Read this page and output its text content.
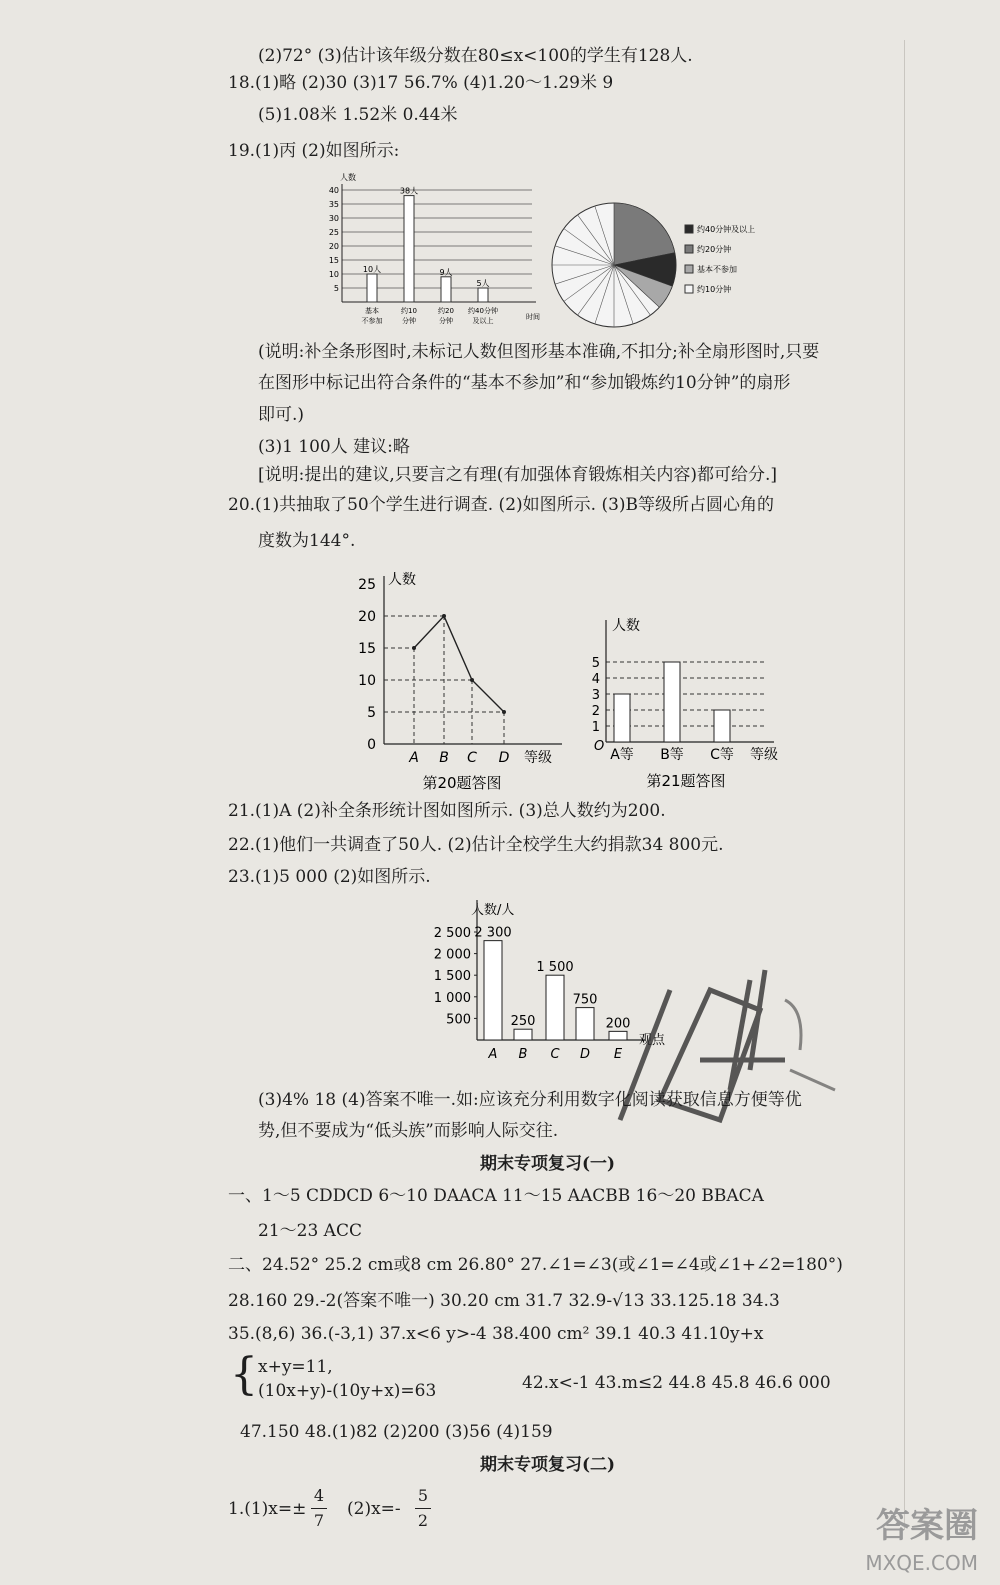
(2)72° (3)估计该年级分数在80≤x<100的学生有128人.
18.(1)略 (2)30 (3)17 56.7% (4)1.20～1.29米 9
(5)1.08米 1.52米 0.44米
19.(1)丙 (2)如图所示:
5
10
15
20
25
30
35
40
人数
10人
基本
不参加
38人
约10
分钟
9人
约20
分钟
5人
约40分钟
及以上	时间
约40分钟及以上
约20分钟
基本不参加
约10分钟
(说明:补全条形图时,未标记人数但图形基本准确,不扣分;补全扇形图时,只要
在图形中标记出符合条件的“基本不参加”和“参加锻炼约10分钟”的扇形
即可.)
(3)1 100人 建议:略
[说明:提出的建议,只要言之有理(有加强体育锻炼相关内容)都可给分.]
20.(1)共抽取了50个学生进行调查. (2)如图所示. (3)B等级所占圆心角的
度数为144°.
0
5
10
15
20
25 人数
A B C D 等级
第20题答图
1
2
3
4
5
O
人数
A等 B等 C等 等级
第21题答图
21.(1)A (2)补全条形统计图如图所示. (3)总人数约为200.
22.(1)他们一共调查了50人. (2)估计全校学生大约捐款34 800元.
23.(1)5 000 (2)如图所示.
500
1 000
1 500
2 000
2 500
人数/人
2 300
A
250
B
1 500
C
750
D
200
E
观点
(3)4% 18 (4)答案不唯一.如:应该充分利用数字化阅读获取信息方便等优
势,但不要成为“低头族”而影响人际交往.
期末专项复习(一)
一、1～5 CDDCD 6～10 DAACA 11～15 AACBB 16～20 BBACA
21～23 ACC
二、24.52° 25.2 cm或8 cm 26.80° 27.∠1=∠3(或∠1=∠4或∠1+∠2=180°)
28.160 29.-2(答案不唯一) 30.20 cm 31.7 32.9-√13 33.125.18 34.3
35.(8,6) 36.(-3,1) 37.x<6 y>-4 38.400 cm² 39.1 40.3 41.10y+x
{ x+y=11,
(10x+y)-(10y+x)=63	42.x<-1 43.m≤2 44.8 45.8 46.6 000
47.150 48.(1)82 (2)200 (3)56 (4)159
期末专项复习(二)
1.(1)x=±
4
7
(2)x=-
5
2	答案圈
MXQE.COM
